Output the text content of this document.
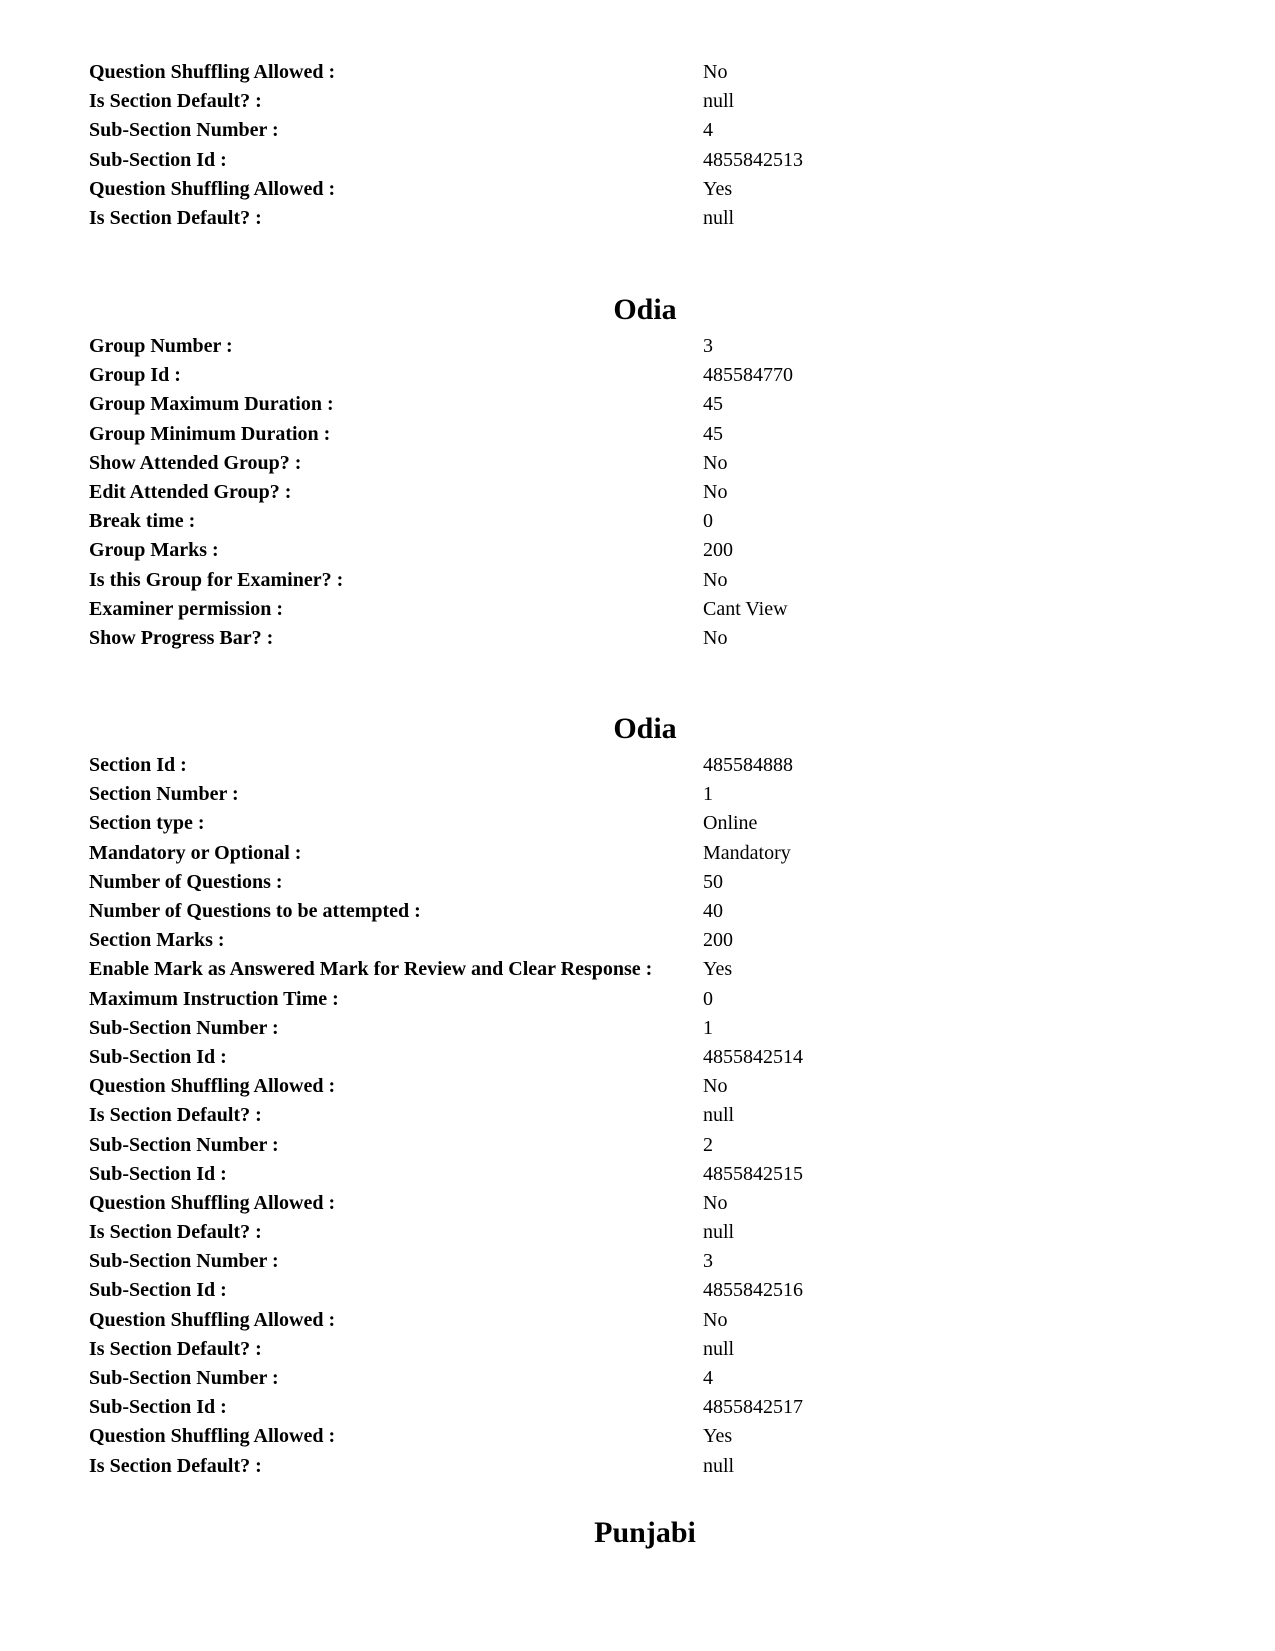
Question Shuffling Allowed :	No
Is Section Default? :	null
Sub-Section Number :	4
Sub-Section Id :	4855842513
Question Shuffling Allowed :	Yes
Is Section Default? :	null
Odia
Group Number :	3
Group Id :	485584770
Group Maximum Duration :	45
Group Minimum Duration :	45
Show Attended Group? :	No
Edit Attended Group? :	No
Break time :	0
Group Marks :	200
Is this Group for Examiner? :	No
Examiner permission :	Cant View
Show Progress Bar? :	No
Odia
Section Id :	485584888
Section Number :	1
Section type :	Online
Mandatory or Optional :	Mandatory
Number of Questions :	50
Number of Questions to be attempted :	40
Section Marks :	200
Enable Mark as Answered Mark for Review and Clear Response :	Yes
Maximum Instruction Time :	0
Sub-Section Number :	1
Sub-Section Id :	4855842514
Question Shuffling Allowed :	No
Is Section Default? :	null
Sub-Section Number :	2
Sub-Section Id :	4855842515
Question Shuffling Allowed :	No
Is Section Default? :	null
Sub-Section Number :	3
Sub-Section Id :	4855842516
Question Shuffling Allowed :	No
Is Section Default? :	null
Sub-Section Number :	4
Sub-Section Id :	4855842517
Question Shuffling Allowed :	Yes
Is Section Default? :	null
Punjabi
